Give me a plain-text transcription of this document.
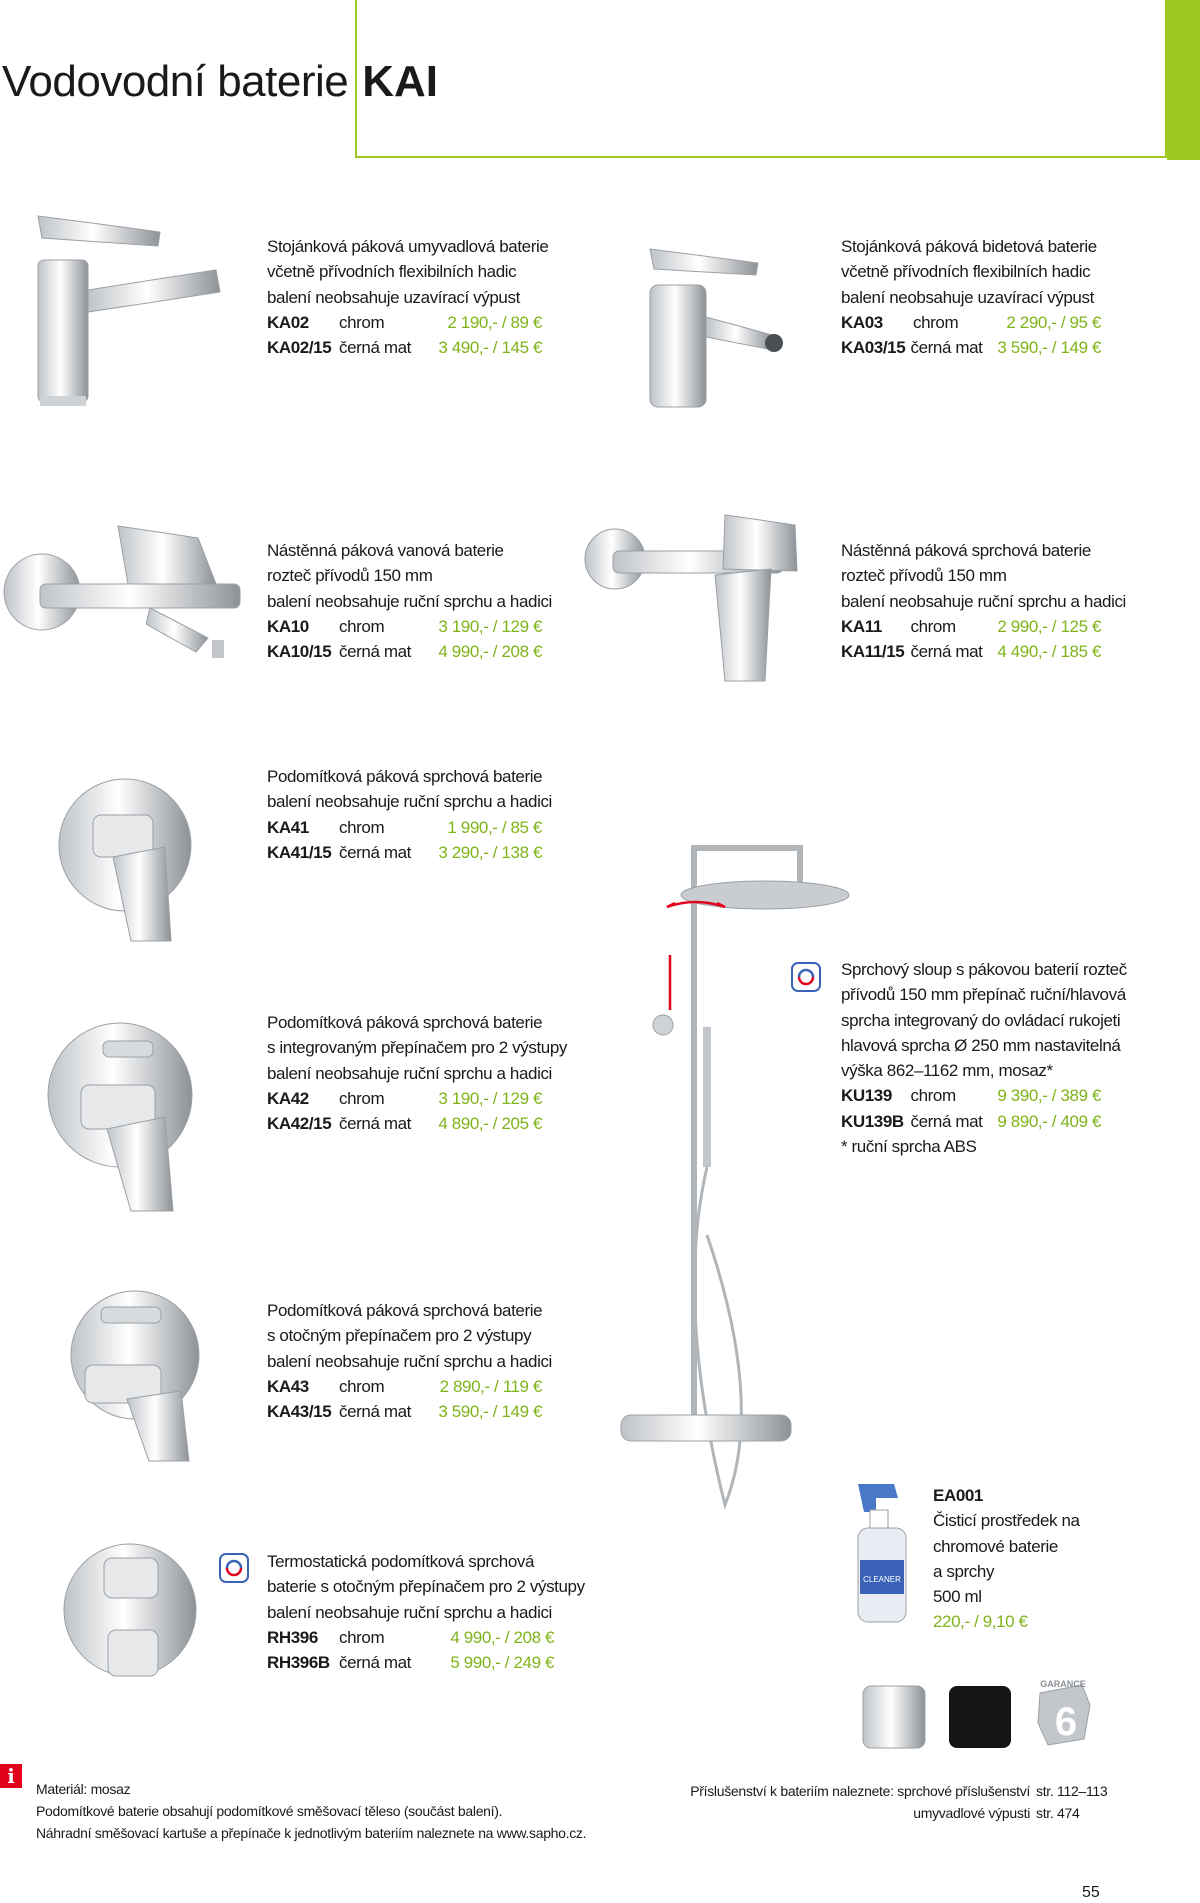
Vodovodní baterie KAI
CLEANER
GARANCE
6
Stojánková páková umyvadlová baterie
včetně přívodních flexibilních hadic
balení neobsahuje uzavírací výpust
KA02	chrom	2 190,- / 89 €
KA02/15 černá mat	3 490,- / 145 €
Stojánková páková bidetová baterie
včetně přívodních flexibilních hadic
balení neobsahuje uzavírací výpust
KA03	chrom	2 290,- / 95 €
KA03/15 černá mat 3 590,- / 149 €
Nástěnná páková vanová baterie
rozteč přívodů 150 mm
balení neobsahuje ruční sprchu a hadici
KA10	chrom	3 190,- / 129 €
KA10/15 černá mat	4 990,- / 208 €
Nástěnná páková sprchová baterie
rozteč přívodů 150 mm
balení neobsahuje ruční sprchu a hadici
KA11	chrom	2 990,- / 125 €
KA11/15 černá mat 4 490,- / 185 €
Podomítková páková sprchová baterie
balení neobsahuje ruční sprchu a hadici
KA41	chrom	1 990,- / 85 €
KA41/15 černá mat	3 290,- / 138 €
Podomítková páková sprchová baterie
s integrovaným přepínačem pro 2 výstupy
balení neobsahuje ruční sprchu a hadici
KA42	chrom	3 190,- / 129 €
KA42/15 černá mat	4 890,- / 205 €
Podomítková páková sprchová baterie
s otočným přepínačem pro 2 výstupy
balení neobsahuje ruční sprchu a hadici
KA43	chrom	2 890,- / 119 €
KA43/15 černá mat	3 590,- / 149 €
Termostatická podomítková sprchová
baterie s otočným přepínačem pro 2 výstupy
balení neobsahuje ruční sprchu a hadici
RH396	chrom	4 990,- / 208 €
RH396B černá mat	5 990,- / 249 €
Sprchový sloup s pákovou baterií rozteč
přívodů 150 mm přepínač ruční/hlavová
sprcha integrovaný do ovládací rukojeti
hlavová sprcha Ø 250 mm nastavitelná
výška 862–1162 mm, mosaz*
KU139	chrom	9 390,- / 389 €
KU139B černá mat 9 890,- / 409 €
* ruční sprcha ABS
EA001
Čisticí prostředek na
chromové baterie
a sprchy
500 ml
220,- / 9,10 €
i
Materiál: mosaz
Podomítkové baterie obsahují podomítkové směšovací těleso (součást balení).
Náhradní směšovací kartuše a přepínače k jednotlivým bateriím naleznete na www.sapho.cz.
Příslušenství k bateriím naleznete: sprchové příslušenství str. 112–113
umyvadlové výpusti str. 474
55
